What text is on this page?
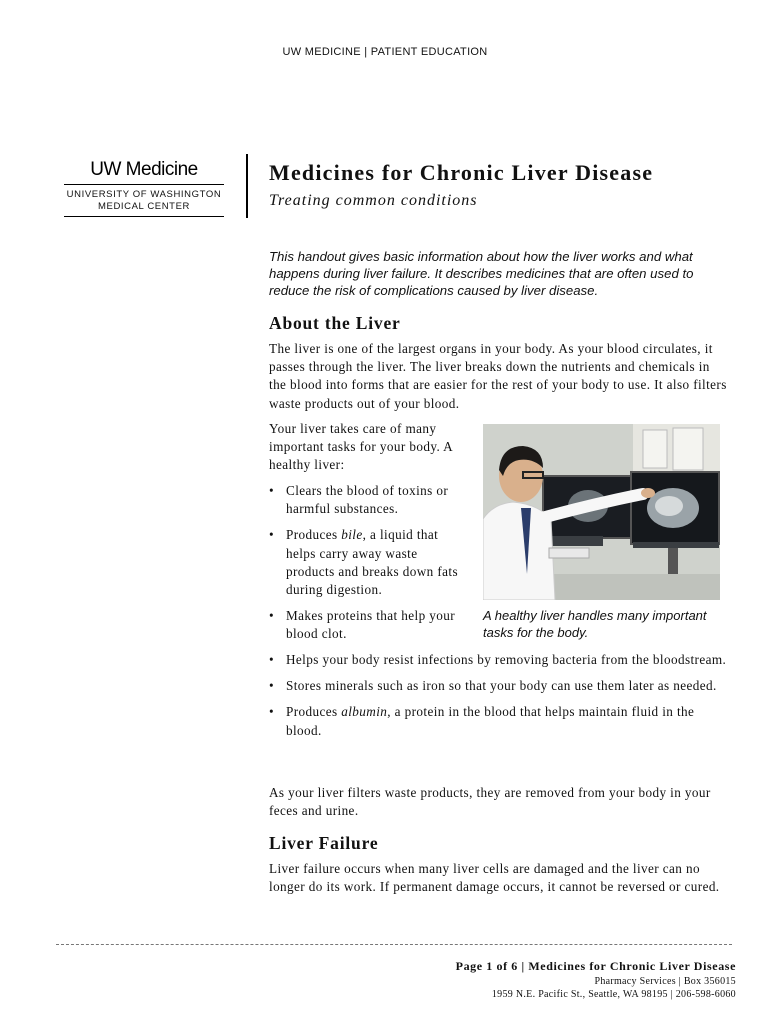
UW MEDICINE | PATIENT EDUCATION
UW Medicine
UNIVERSITY OF WASHINGTON
MEDICAL CENTER
Medicines for Chronic Liver Disease
Treating common conditions
This handout gives basic information about how the liver works and what happens during liver failure. It describes medicines that are often used to reduce the risk of complications caused by liver disease.
About the Liver
The liver is one of the largest organs in your body. As your blood circulates, it passes through the liver. The liver breaks down the nutrients and chemicals in the blood into forms that are easier for the rest of your body to use. It also filters waste products out of your blood.
Your liver takes care of many important tasks for your body. A healthy liver:
• Clears the blood of toxins or harmful substances.
• Produces bile, a liquid that helps carry away waste products and breaks down fats during digestion.
• Makes proteins that help your blood clot.
A healthy liver handles many important tasks for the body.
• Helps your body resist infections by removing bacteria from the bloodstream.
• Stores minerals such as iron so that your body can use them later as needed.
• Produces albumin, a protein in the blood that helps maintain fluid in the blood.
As your liver filters waste products, they are removed from your body in your feces and urine.
Liver Failure
Liver failure occurs when many liver cells are damaged and the liver can no longer do its work. If permanent damage occurs, it cannot be reversed or cured.
Page 1 of 6 | Medicines for Chronic Liver Disease
Pharmacy Services | Box 356015
1959 N.E. Pacific St., Seattle, WA 98195 | 206-598-6060
